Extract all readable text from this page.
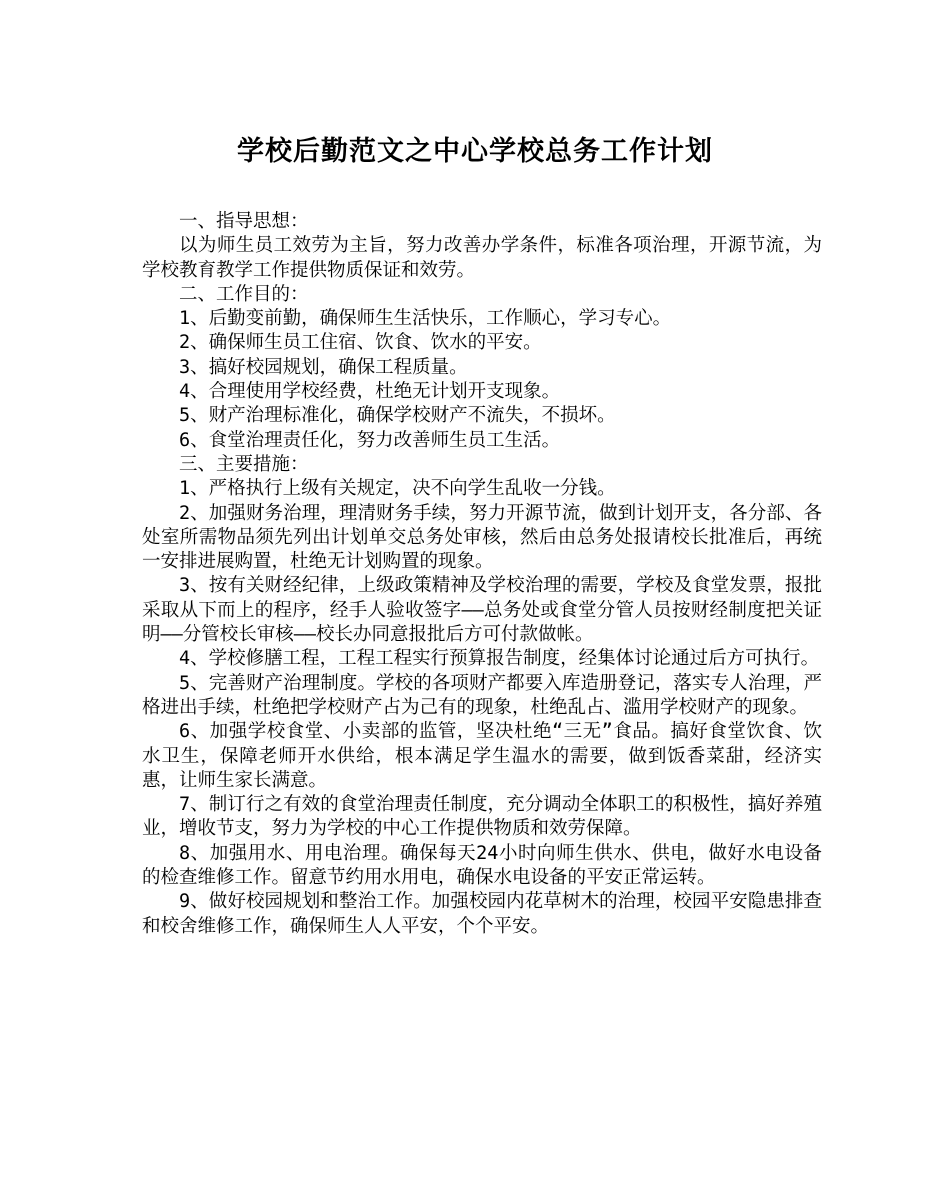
学校后勤范文之中心学校总务工作计划

一、指导思想：

以为师生员工效劳为主旨，努力改善办学条件，标准各项治理，开源节流，为学校教育教学工作提供物质保证和效劳。

二、工作目的：

1、后勤变前勤，确保师生生活快乐，工作顺心，学习专心。

2、确保师生员工住宿、饮食、饮水的平安。

3、搞好校园规划，确保工程质量。

4、合理使用学校经费，杜绝无计划开支现象。

5、财产治理标准化，确保学校财产不流失，不损坏。

6、食堂治理责任化，努力改善师生员工生活。

三、主要措施：

1、严格执行上级有关规定，决不向学生乱收一分钱。

2、加强财务治理，理清财务手续，努力开源节流，做到计划开支，各分部、各处室所需物品须先列出计划单交总务处审核，然后由总务处报请校长批准后，再统一安排进展购置，杜绝无计划购置的现象。

3、按有关财经纪律，上级政策精神及学校治理的需要，学校及食堂发票，报批采取从下而上的程序，经手人验收签字——总务处或食堂分管人员按财经制度把关证明——分管校长审核——校长办同意报批后方可付款做帐。

4、学校修膳工程，工程工程实行预算报告制度，经集体讨论通过后方可执行。

5、完善财产治理制度。学校的各项财产都要入库造册登记，落实专人治理，严格进出手续，杜绝把学校财产占为己有的现象，杜绝乱占、滥用学校财产的现象。

6、加强学校食堂、小卖部的监管，坚决杜绝“三无”食品。搞好食堂饮食、饮水卫生，保障老师开水供给，根本满足学生温水的需要，做到饭香菜甜，经济实惠，让师生家长满意。

7、制订行之有效的食堂治理责任制度，充分调动全体职工的积极性，搞好养殖业，增收节支，努力为学校的中心工作提供物质和效劳保障。

8、加强用水、用电治理。确保每天24小时向师生供水、供电，做好水电设备的检查维修工作。留意节约用水用电，确保水电设备的平安正常运转。

9、做好校园规划和整治工作。加强校园内花草树木的治理，校园平安隐患排查和校舍维修工作，确保师生人人平安，个个平安。
